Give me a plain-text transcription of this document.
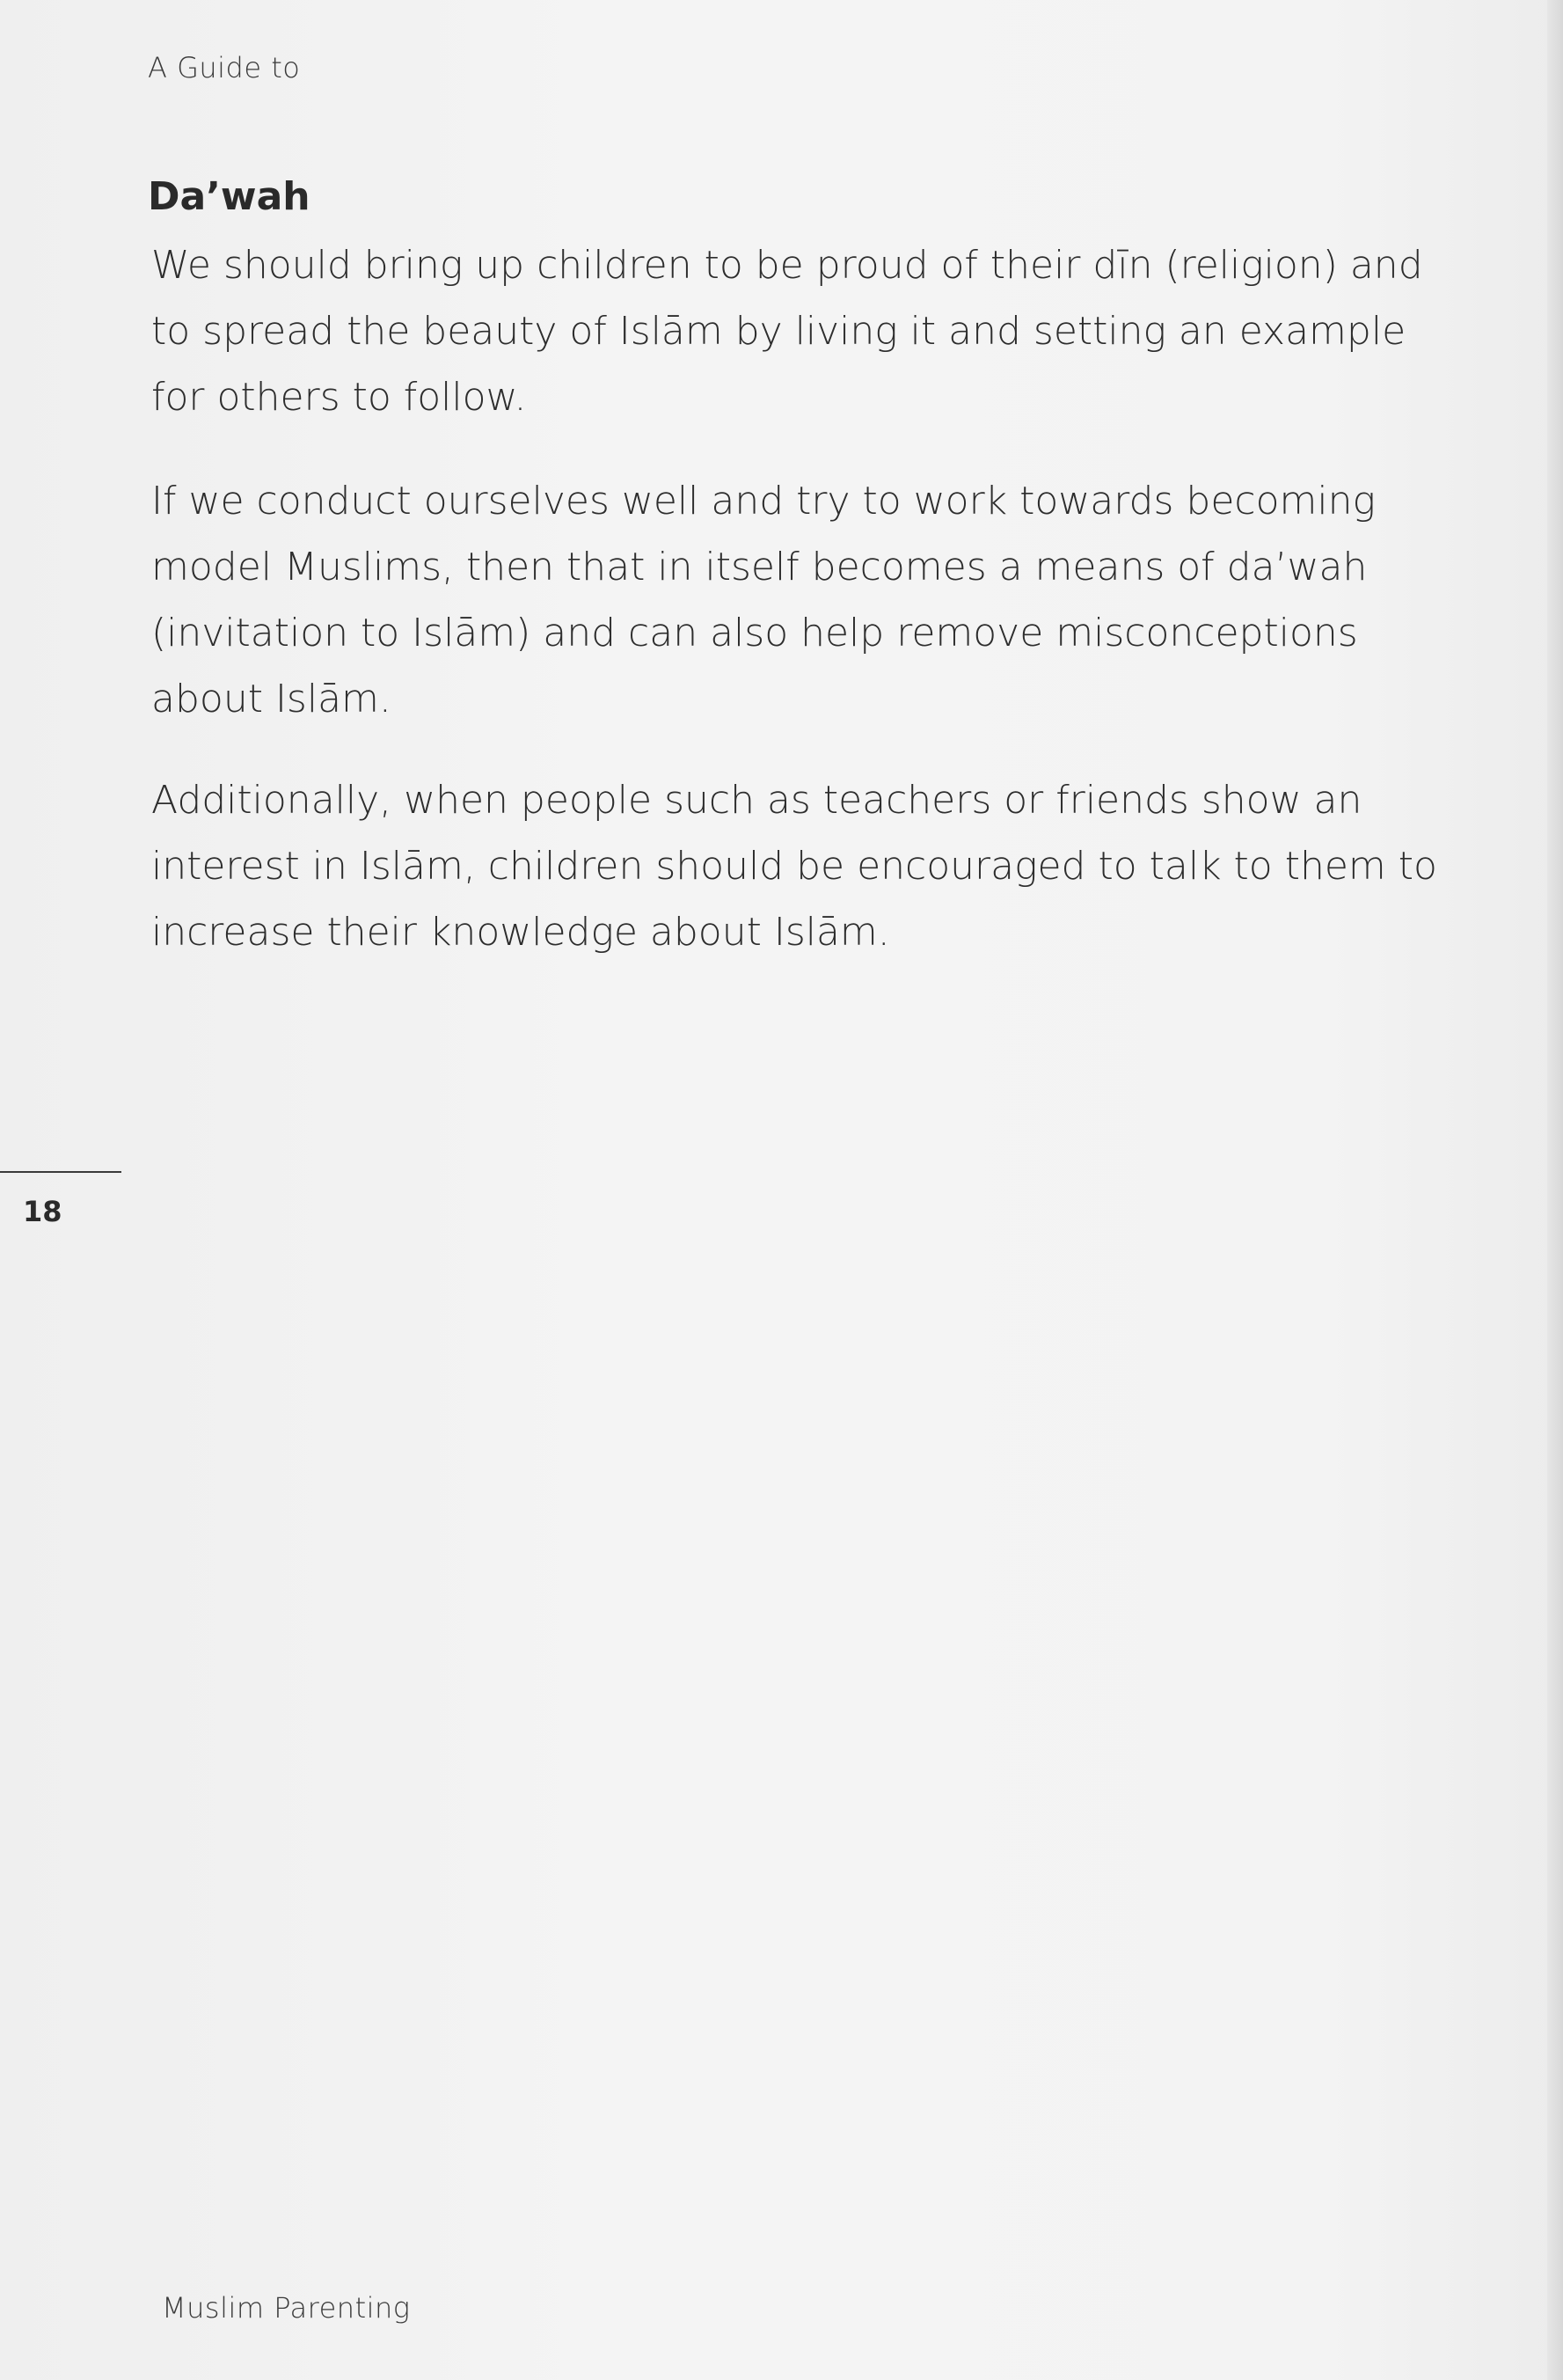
A Guide to
Da’wah
We should bring up children to be proud of their dīn (religion) and to spread the beauty of Islām by living it and setting an example for others to follow.
If we conduct ourselves well and try to work towards becoming model Muslims, then that in itself becomes a means of da’wah (invitation to Islām) and can also help remove misconceptions about Islām.
Additionally, when people such as teachers or friends show an interest in Islām, children should be encouraged to talk to them to increase their knowledge about Islām.
18
Muslim Parenting
